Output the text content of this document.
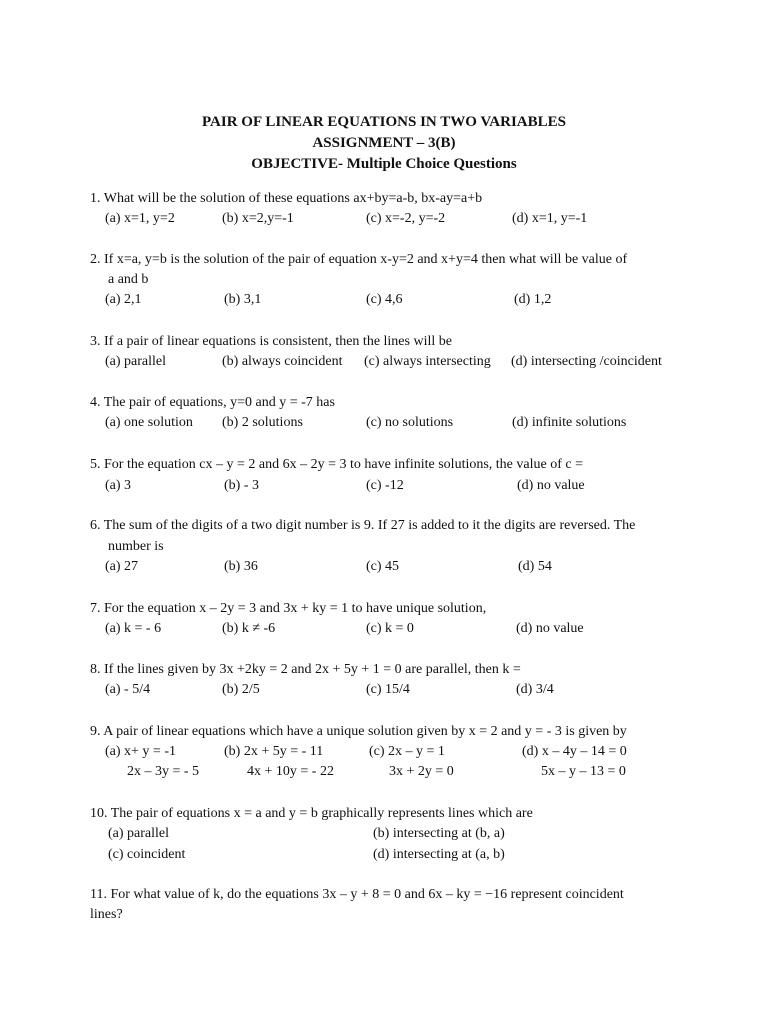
PAIR OF LINEAR EQUATIONS IN TWO VARIABLES
ASSIGNMENT – 3(B)
OBJECTIVE- Multiple Choice Questions
1. What will be the solution of these equations ax+by=a-b, bx-ay=a+b
(a) x=1, y=2	(b) x=2,y=-1	(c) x=-2, y=-2	(d) x=1, y=-1
2. If x=a, y=b is the solution of the pair of equation x-y=2 and x+y=4 then what will be value of
a and b
(a) 2,1	(b) 3,1	(c) 4,6	(d) 1,2
3. If a pair of linear equations is consistent, then the lines will be
(a) parallel	(b) always coincident (c) always intersecting (d) intersecting /coincident
4. The pair of equations, y=0 and y = -7 has
(a) one solution (b) 2 solutions	(c) no solutions	(d) infinite solutions
5. For the equation cx – y = 2 and 6x – 2y = 3 to have infinite solutions, the value of c =
(a) 3	(b) - 3	(c) -12	(d) no value
6. The sum of the digits of a two digit number is 9. If 27 is added to it the digits are reversed. The
number is
(a) 27	(b) 36	(c) 45	(d) 54
7. For the equation x – 2y = 3 and 3x + ky = 1 to have unique solution,
(a) k = - 6	(b) k ≠ -6	(c) k = 0	(d) no value
8. If the lines given by 3x +2ky = 2 and 2x + 5y + 1 = 0 are parallel, then k =
(a) - 5/4	(b) 2/5	(c) 15/4	(d) 3/4
9. A pair of linear equations which have a unique solution given by x = 2 and y = - 3 is given by
(a) x+ y = -1	(b) 2x + 5y = - 11	(c) 2x – y = 1	(d) x – 4y – 14 = 0
2x – 3y = - 5	4x + 10y = - 22	3x + 2y = 0	5x – y – 13 = 0
10. The pair of equations x = a and y = b graphically represents lines which are
(a) parallel	(b) intersecting at (b, a)
(c) coincident	(d) intersecting at (a, b)
11. For what value of k, do the equations 3x – y + 8 = 0 and 6x – ky = −16 represent coincident
lines?
